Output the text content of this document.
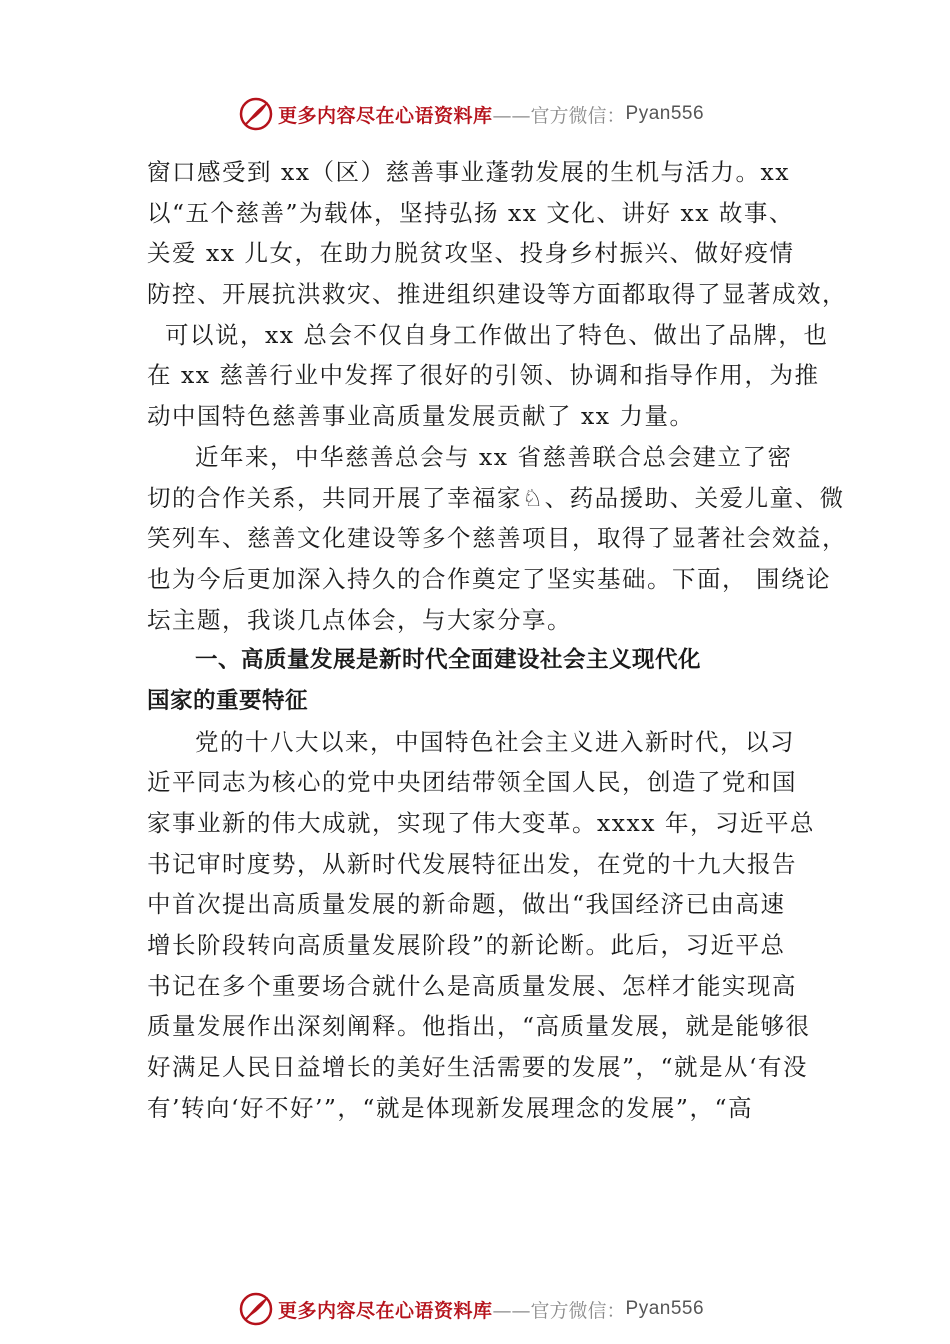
更多内容尽在心语资料库 ——官方微信： Pyan556
窗口感受到 xx（区）慈善事业蓬勃发展的生机与活力。xx
以“五个慈善”为载体，坚持弘扬 xx 文化、讲好 xx 故事、
关爱 xx 儿女，在助力脱贫攻坚、投身乡村振兴、做好疫情
防控、开展抗洪救灾、推进组织建设等方面都取得了显著成效，
可以说，xx 总会不仅自身工作做出了特色、做出了品牌，也
在 xx 慈善行业中发挥了很好的引领、协调和指导作用，为推
动中国特色慈善事业高质量发展贡献了 xx 力量。
近年来，中华慈善总会与 xx 省慈善联合总会建立了密
切的合作关系，共同开展了幸福家♘、药品援助、关爱儿童、微
笑列车、慈善文化建设等多个慈善项目，取得了显著社会效益，
也为今后更加深入持久的合作奠定了坚实基础。下面， 围绕论
坛主题，我谈几点体会，与大家分享。
一、高质量发展是新时代全面建设社会主义现代化
国家的重要特征
党的十八大以来，中国特色社会主义进入新时代，以习
近平同志为核心的党中央团结带领全国人民，创造了党和国
家事业新的伟大成就，实现了伟大变革。xxxx 年，习近平总
书记审时度势，从新时代发展特征出发，在党的十九大报告
中首次提出高质量发展的新命题，做出“我国经济已由高速
增长阶段转向高质量发展阶段”的新论断。此后，习近平总
书记在多个重要场合就什么是高质量发展、怎样才能实现高
质量发展作出深刻阐释。他指出，“高质量发展，就是能够很
好满足人民日益增长的美好生活需要的发展”，“就是从‘有没
有’转向‘好不好’”，“就是体现新发展理念的发展”，“高
更多内容尽在心语资料库 ——官方微信： Pyan556
